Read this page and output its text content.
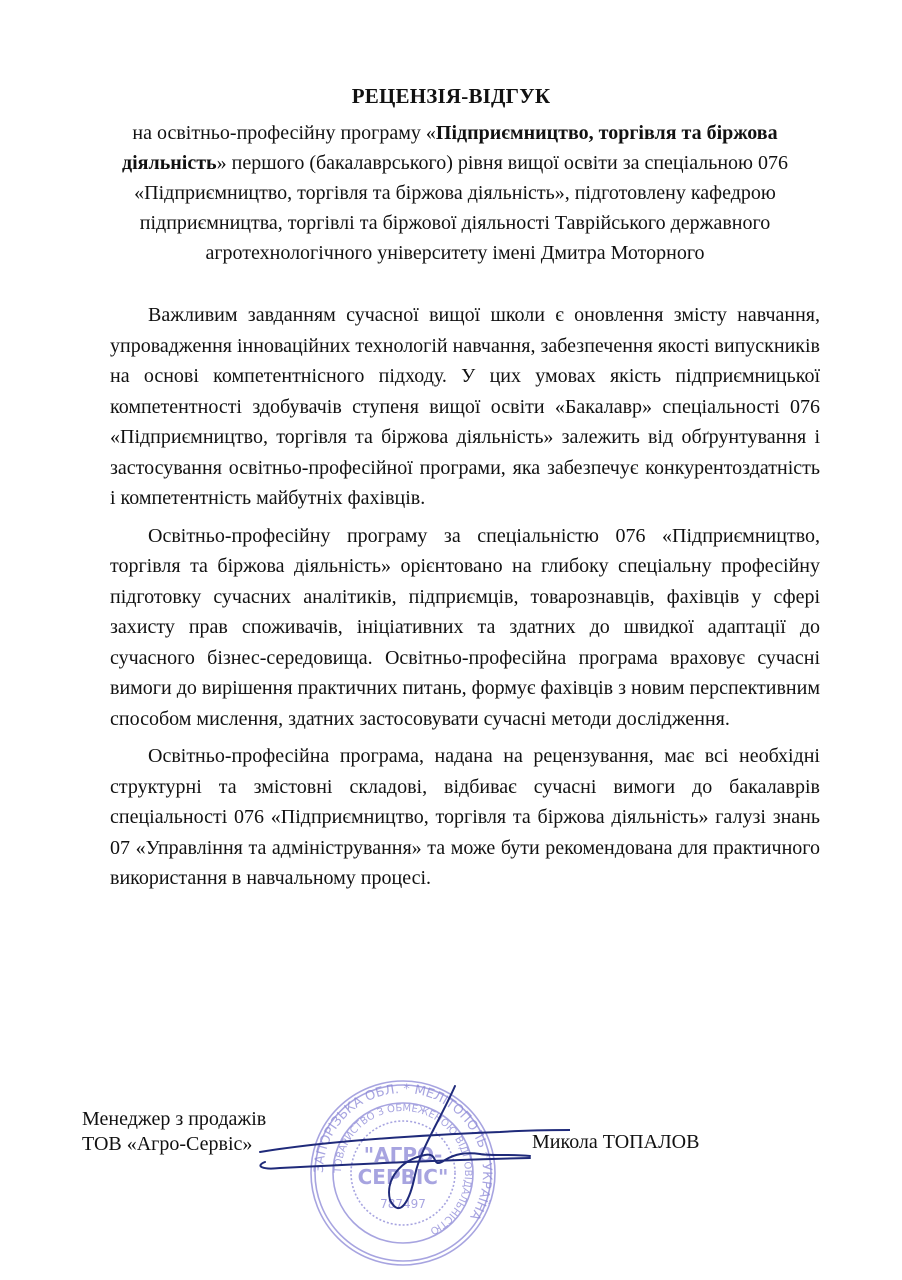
РЕЦЕНЗІЯ-ВІДГУК
на освітньо-професійну програму «Підприємництво, торгівля та біржова діяльність» першого (бакалаврського) рівня вищої освіти за спеціальною 076 «Підприємництво, торгівля та біржова діяльність», підготовлену кафедрою підприємництва, торгівлі та біржової діяльності Таврійського державного агротехнологічного університету імені Дмитра Моторного

Важливим завданням сучасної вищої школи є оновлення змісту навчання, упровадження інноваційних технологій навчання, забезпечення якості випускників на основі компетентнісного підходу. У цих умовах якість підприємницької компетентності здобувачів ступеня вищої освіти «Бакалавр» спеціальності 076 «Підприємництво, торгівля та біржова діяльність» залежить від обґрунтування і застосування освітньо-професійної програми, яка забезпечує конкурентоздатність і компетентність майбутніх фахівців.

Освітньо-професійну програму за спеціальністю 076 «Підприємництво, торгівля та біржова діяльність» орієнтовано на глибоку спеціальну професійну підготовку сучасних аналітиків, підприємців, товарознавців, фахівців у сфері захисту прав споживачів, ініціативних та здатних до швидкої адаптації до сучасного бізнес-середовища. Освітньо-професійна програма враховує сучасні вимоги до вирішення практичних питань, формує фахівців з новим перспективним способом мислення, здатних застосовувати сучасні методи дослідження.

Освітньо-професійна програма, надана на рецензування, має всі необхідні структурні та змістовні складові, відбиває сучасні вимоги до бакалаврів спеціальності 076 «Підприємництво, торгівля та біржова діяльність» галузі знань 07 «Управління та адміністрування» та може бути рекомендована для практичного використання в навчальному процесі.

ЗАПОРІЗЬКА ОБЛ. * МЕЛІТОПОЛЬ * УКРАЇНА
ТОВАРИСТВО З ОБМЕЖЕНОЮ ВІДПОВІДАЛЬНІСТЮ
"АГРО-
СЕРВІС"
787497
Менеджер з продажів
ТОВ «Агро-Сервіс»	Микола ТОПАЛОВ
